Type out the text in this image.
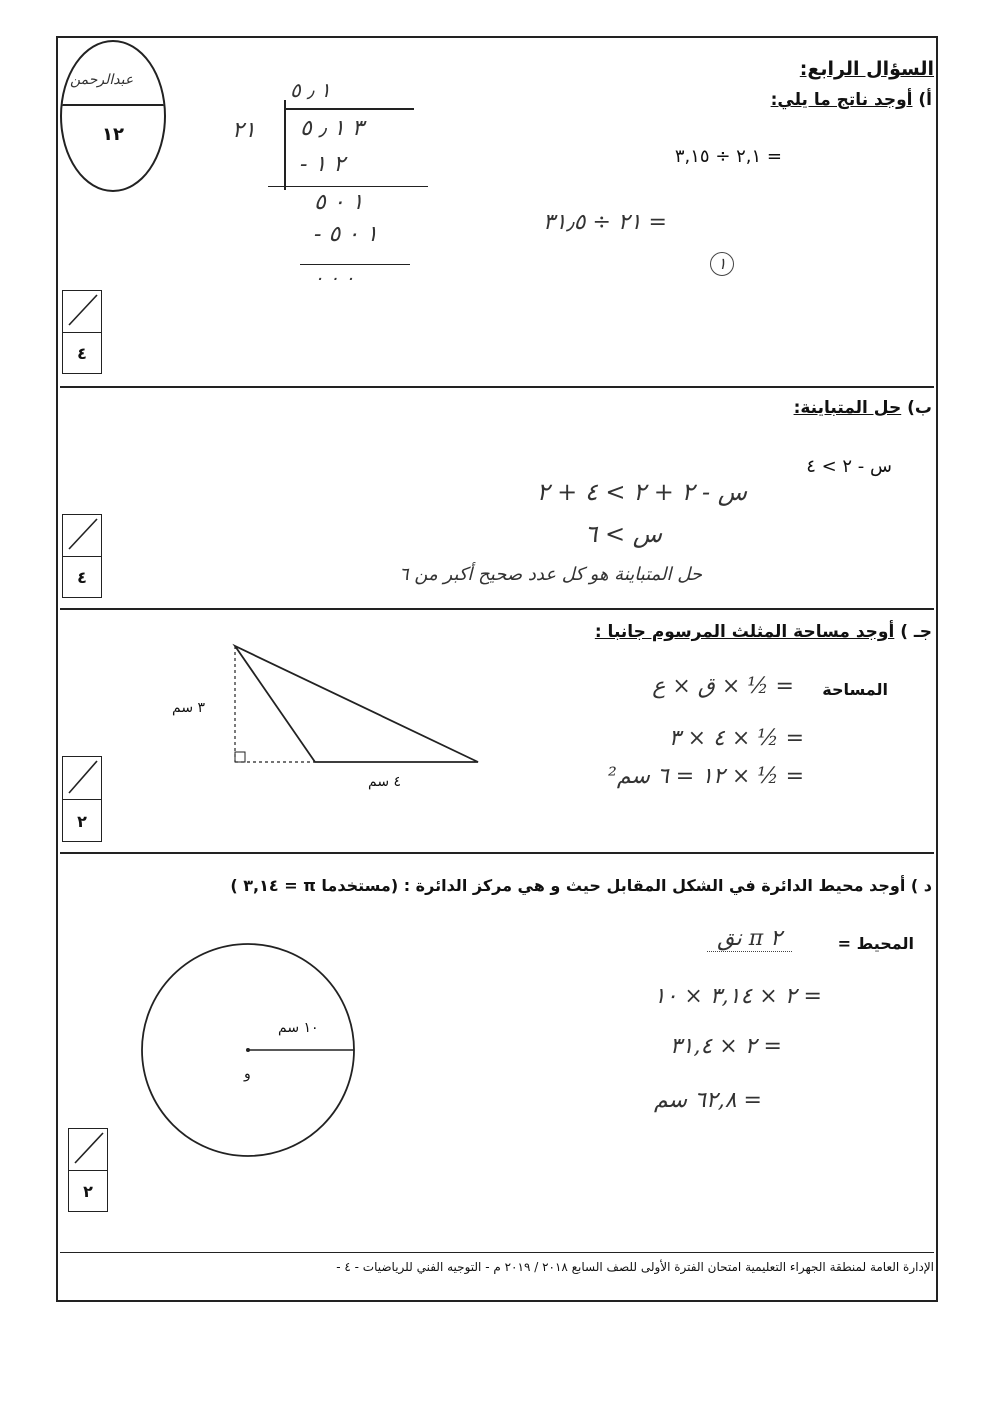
عبدالرحمن
١٢
السؤال الرابع:
أ) أوجد ناتج ما يلي:
= ٢,١ ÷ ٣,١٥
= ٢١ ÷ ٣١٫٥
١
١ ٫ ٥
٣ ١ ٫ ٥
٢١
٢ ١ -
١ ٠ ٥
١ ٠ ٥ -
٠ ٠ ٠
٤
ب) حل المتباينة:
س - ٢ > ٤
س - ٢ + ٢ > ٤ + ٢
س > ٦
حل المتباينة هو كل عدد صحيح أكبر من ٦
٤
ﺟـ ) أوجد مساحة المثلث المرسوم جانبا :
٣ سم
٤ سم
المساحة
= ½ × ق × ع
= ½ × ٤ × ٣
= ½ × ١٢ = ٦ سم²
٢
د ) أوجد محيط الدائرة في الشكل المقابل حيث و هي مركز الدائرة : (مستخدما π = ٣,١٤ )
١٠ سم
و
المحيط =
٢ π نق
= ٢ × ٣,١٤ × ١٠
= ٢ × ٣١,٤
= ٦٢,٨ سم
٢
الإدارة العامة لمنطقة الجهراء التعليمية امتحان الفترة الأولى للصف السابع ٢٠١٨ / ٢٠١٩ م - التوجيه الفني للرياضيات - ٤ -
